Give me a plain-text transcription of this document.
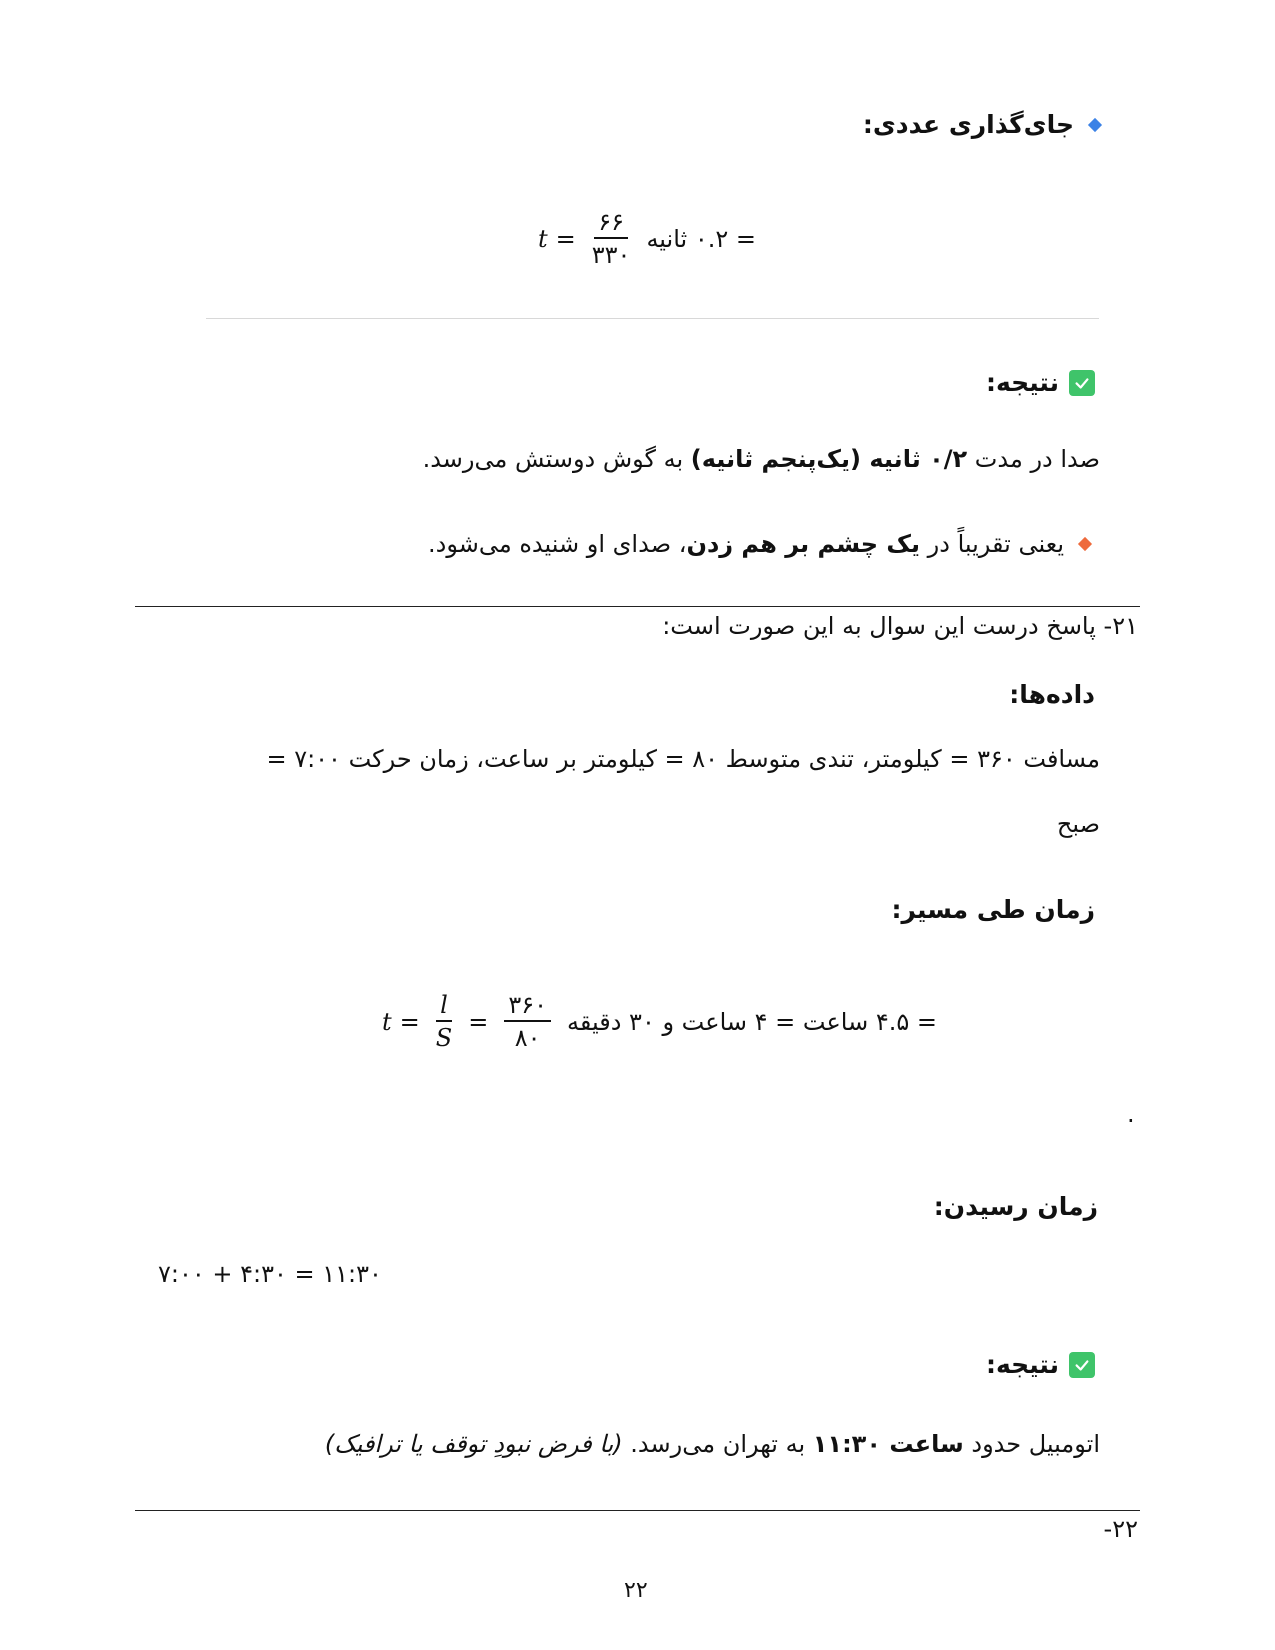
جای‌گذاری عددی:
$t = \frac{۶۶}{۳۳۰}$ = ۰.۲ ثانیه
نتیجه:
صدا در مدت ۰/۲ ثانیه (یک‌پنجم ثانیه) به گوش دوستش می‌رسد.
یعنی تقریباً در یک چشم بر هم زدن، صدای او شنیده می‌شود.
۲۱- پاسخ درست این سوال به این صورت است:
داده‌ها:
مسافت ۳۶۰ = کیلومتر، تندی متوسط ۸۰ = کیلومتر بر ساعت، زمان حرکت ۷:۰۰ =
صبح
زمان طی مسیر:
$t = \frac{l}{S} = \frac{۳۶۰}{۸۰}$ = ۴.۵ ساعت = ۴ ساعت و ۳۰ دقیقه
.
زمان رسیدن:
۷:۰۰ + ۴:۳۰ = ۱۱:۳۰
نتیجه:
اتومبیل حدود ساعت ۱۱:۳۰ به تهران می‌رسد. (با فرض نبودِ توقف یا ترافیک)
۲۲-
۲۲
